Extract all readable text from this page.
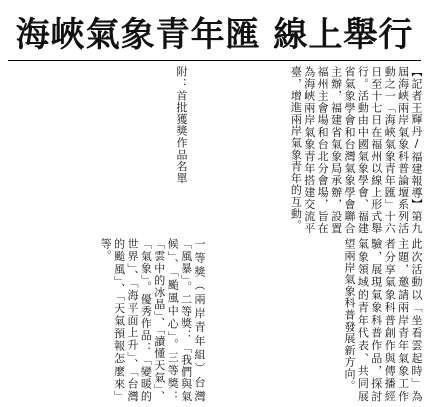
海峽氣象青年匯 線上舉行
【記者王輝丹∕福建報導】第九屆海峽兩岸氣象科普論壇系列活動之一「海峽氣象青年匯」十六日至十七日在福州以線上形式舉行。活動由中國氣象學會、福建省氣象學會和台灣氣象學會聯合主辦，福建省氣象局承辦，設置福州主會場和台北分會場，旨在為海峽兩岸氣象青年搭建交流平臺，增進兩岸氣象青年的互動。
附：首批獲獎作品名單
此次活動以「坐看雲起時」為主題，邀請兩岸青年氣象工作者分享氣象科普創作與傳播經驗，展現氣象科普作品，探討氣象領域的青年代表、共同展望兩岸氣象科普發展新方向。
一等獎（兩岸青年組）台灣「風暴」。二等獎：「我們與氣候」、「颱風中心」。三等獎：「雲中的冰晶」、「讀懂天氣」、「氣象」。優秀作品：「變暖的世界」、「海平面上升」、「台灣的颱風」、「天氣預報怎麼來」等。
